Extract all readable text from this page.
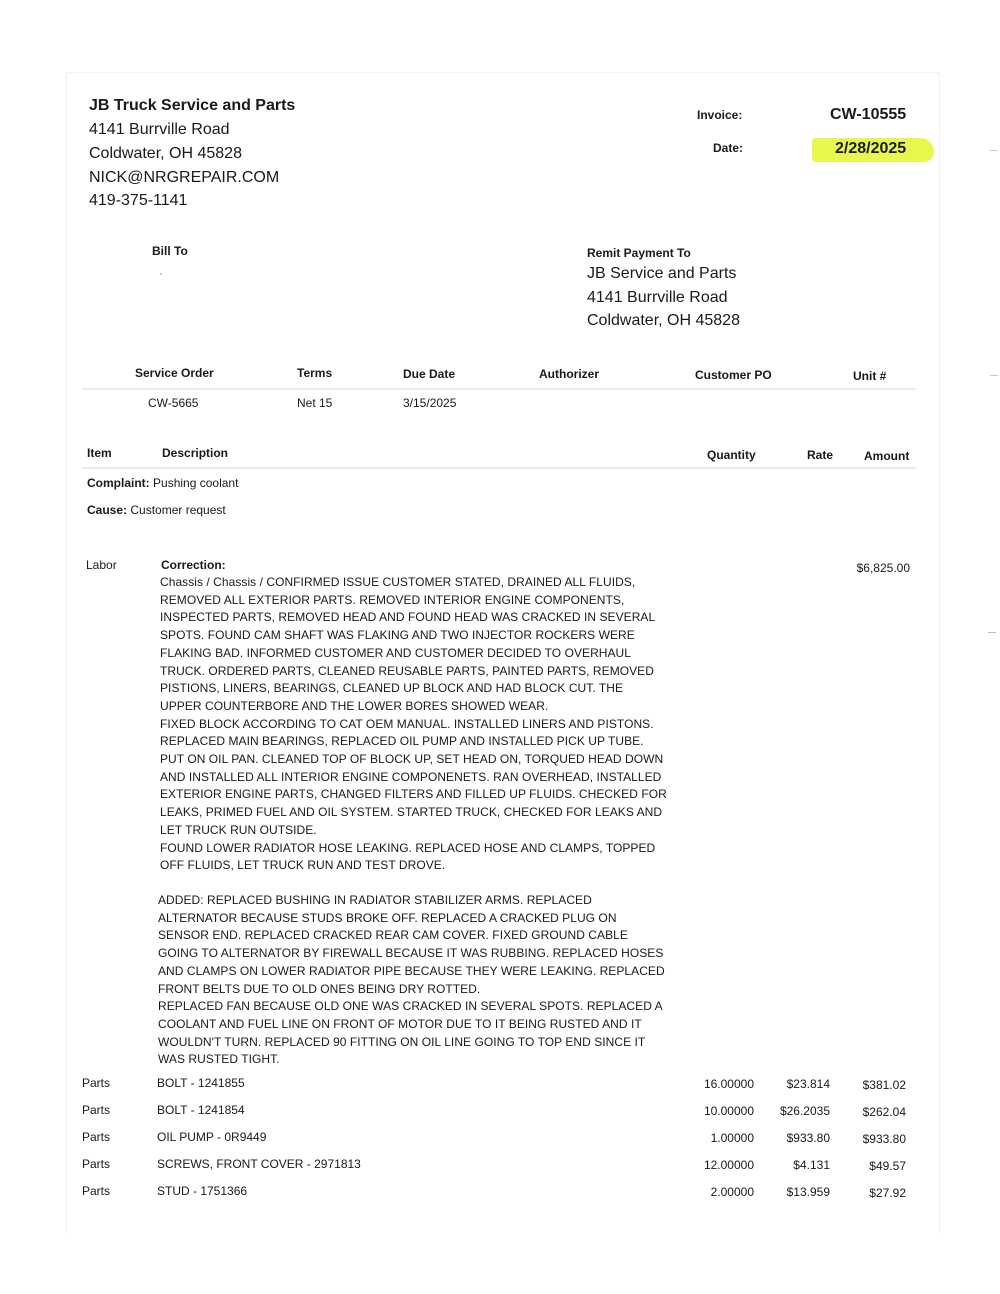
JB Truck Service and Parts
4141 Burrville Road
Coldwater, OH 45828
NICK@NRGREPAIR.COM
419-375-1141
Invoice:	CW-10555
Date:	2/28/2025
Bill To	Remit Payment To
JB Service and Parts
4141 Burrville Road
Coldwater, OH 45828
Service Order	Terms	Due Date	Authorizer	Customer PO	Unit #
CW-5665	Net 15	3/15/2025
Item	Description	Quantity	Rate	Amount
Complaint: Pushing coolant
Cause: Customer request
Labor	Correction:	$6,825.00
Chassis / Chassis / CONFIRMED ISSUE CUSTOMER STATED, DRAINED ALL FLUIDS,
REMOVED ALL EXTERIOR PARTS. REMOVED INTERIOR ENGINE COMPONENTS,
INSPECTED PARTS, REMOVED HEAD AND FOUND HEAD WAS CRACKED IN SEVERAL
SPOTS. FOUND CAM SHAFT WAS FLAKING AND TWO INJECTOR ROCKERS WERE
FLAKING BAD. INFORMED CUSTOMER AND CUSTOMER DECIDED TO OVERHAUL
TRUCK. ORDERED PARTS, CLEANED REUSABLE PARTS, PAINTED PARTS, REMOVED
PISTIONS, LINERS, BEARINGS, CLEANED UP BLOCK AND HAD BLOCK CUT. THE
UPPER COUNTERBORE AND THE LOWER BORES SHOWED WEAR.
FIXED BLOCK ACCORDING TO CAT OEM MANUAL. INSTALLED LINERS AND PISTONS.
REPLACED MAIN BEARINGS, REPLACED OIL PUMP AND INSTALLED PICK UP TUBE.
PUT ON OIL PAN. CLEANED TOP OF BLOCK UP, SET HEAD ON, TORQUED HEAD DOWN
AND INSTALLED ALL INTERIOR ENGINE COMPONENETS. RAN OVERHEAD, INSTALLED
EXTERIOR ENGINE PARTS, CHANGED FILTERS AND FILLED UP FLUIDS. CHECKED FOR
LEAKS, PRIMED FUEL AND OIL SYSTEM. STARTED TRUCK, CHECKED FOR LEAKS AND
LET TRUCK RUN OUTSIDE.
FOUND LOWER RADIATOR HOSE LEAKING. REPLACED HOSE AND CLAMPS, TOPPED
OFF FLUIDS, LET TRUCK RUN AND TEST DROVE.
ADDED: REPLACED BUSHING IN RADIATOR STABILIZER ARMS. REPLACED
ALTERNATOR BECAUSE STUDS BROKE OFF. REPLACED A CRACKED PLUG ON
SENSOR END. REPLACED CRACKED REAR CAM COVER. FIXED GROUND CABLE
GOING TO ALTERNATOR BY FIREWALL BECAUSE IT WAS RUBBING. REPLACED HOSES
AND CLAMPS ON LOWER RADIATOR PIPE BECAUSE THEY WERE LEAKING. REPLACED
FRONT BELTS DUE TO OLD ONES BEING DRY ROTTED.
REPLACED FAN BECAUSE OLD ONE WAS CRACKED IN SEVERAL SPOTS. REPLACED A
COOLANT AND FUEL LINE ON FRONT OF MOTOR DUE TO IT BEING RUSTED AND IT
WOULDN'T TURN. REPLACED 90 FITTING ON OIL LINE GOING TO TOP END SINCE IT
WAS RUSTED TIGHT.
Parts	BOLT - 1241855	16.00000	$23.814	$381.02
Parts	BOLT - 1241854	10.00000	$26.2035	$262.04
Parts	OIL PUMP - 0R9449	1.00000	$933.80	$933.80
Parts	SCREWS, FRONT COVER - 2971813	12.00000	$4.131	$49.57
Parts	STUD - 1751366	2.00000	$13.959	$27.92
